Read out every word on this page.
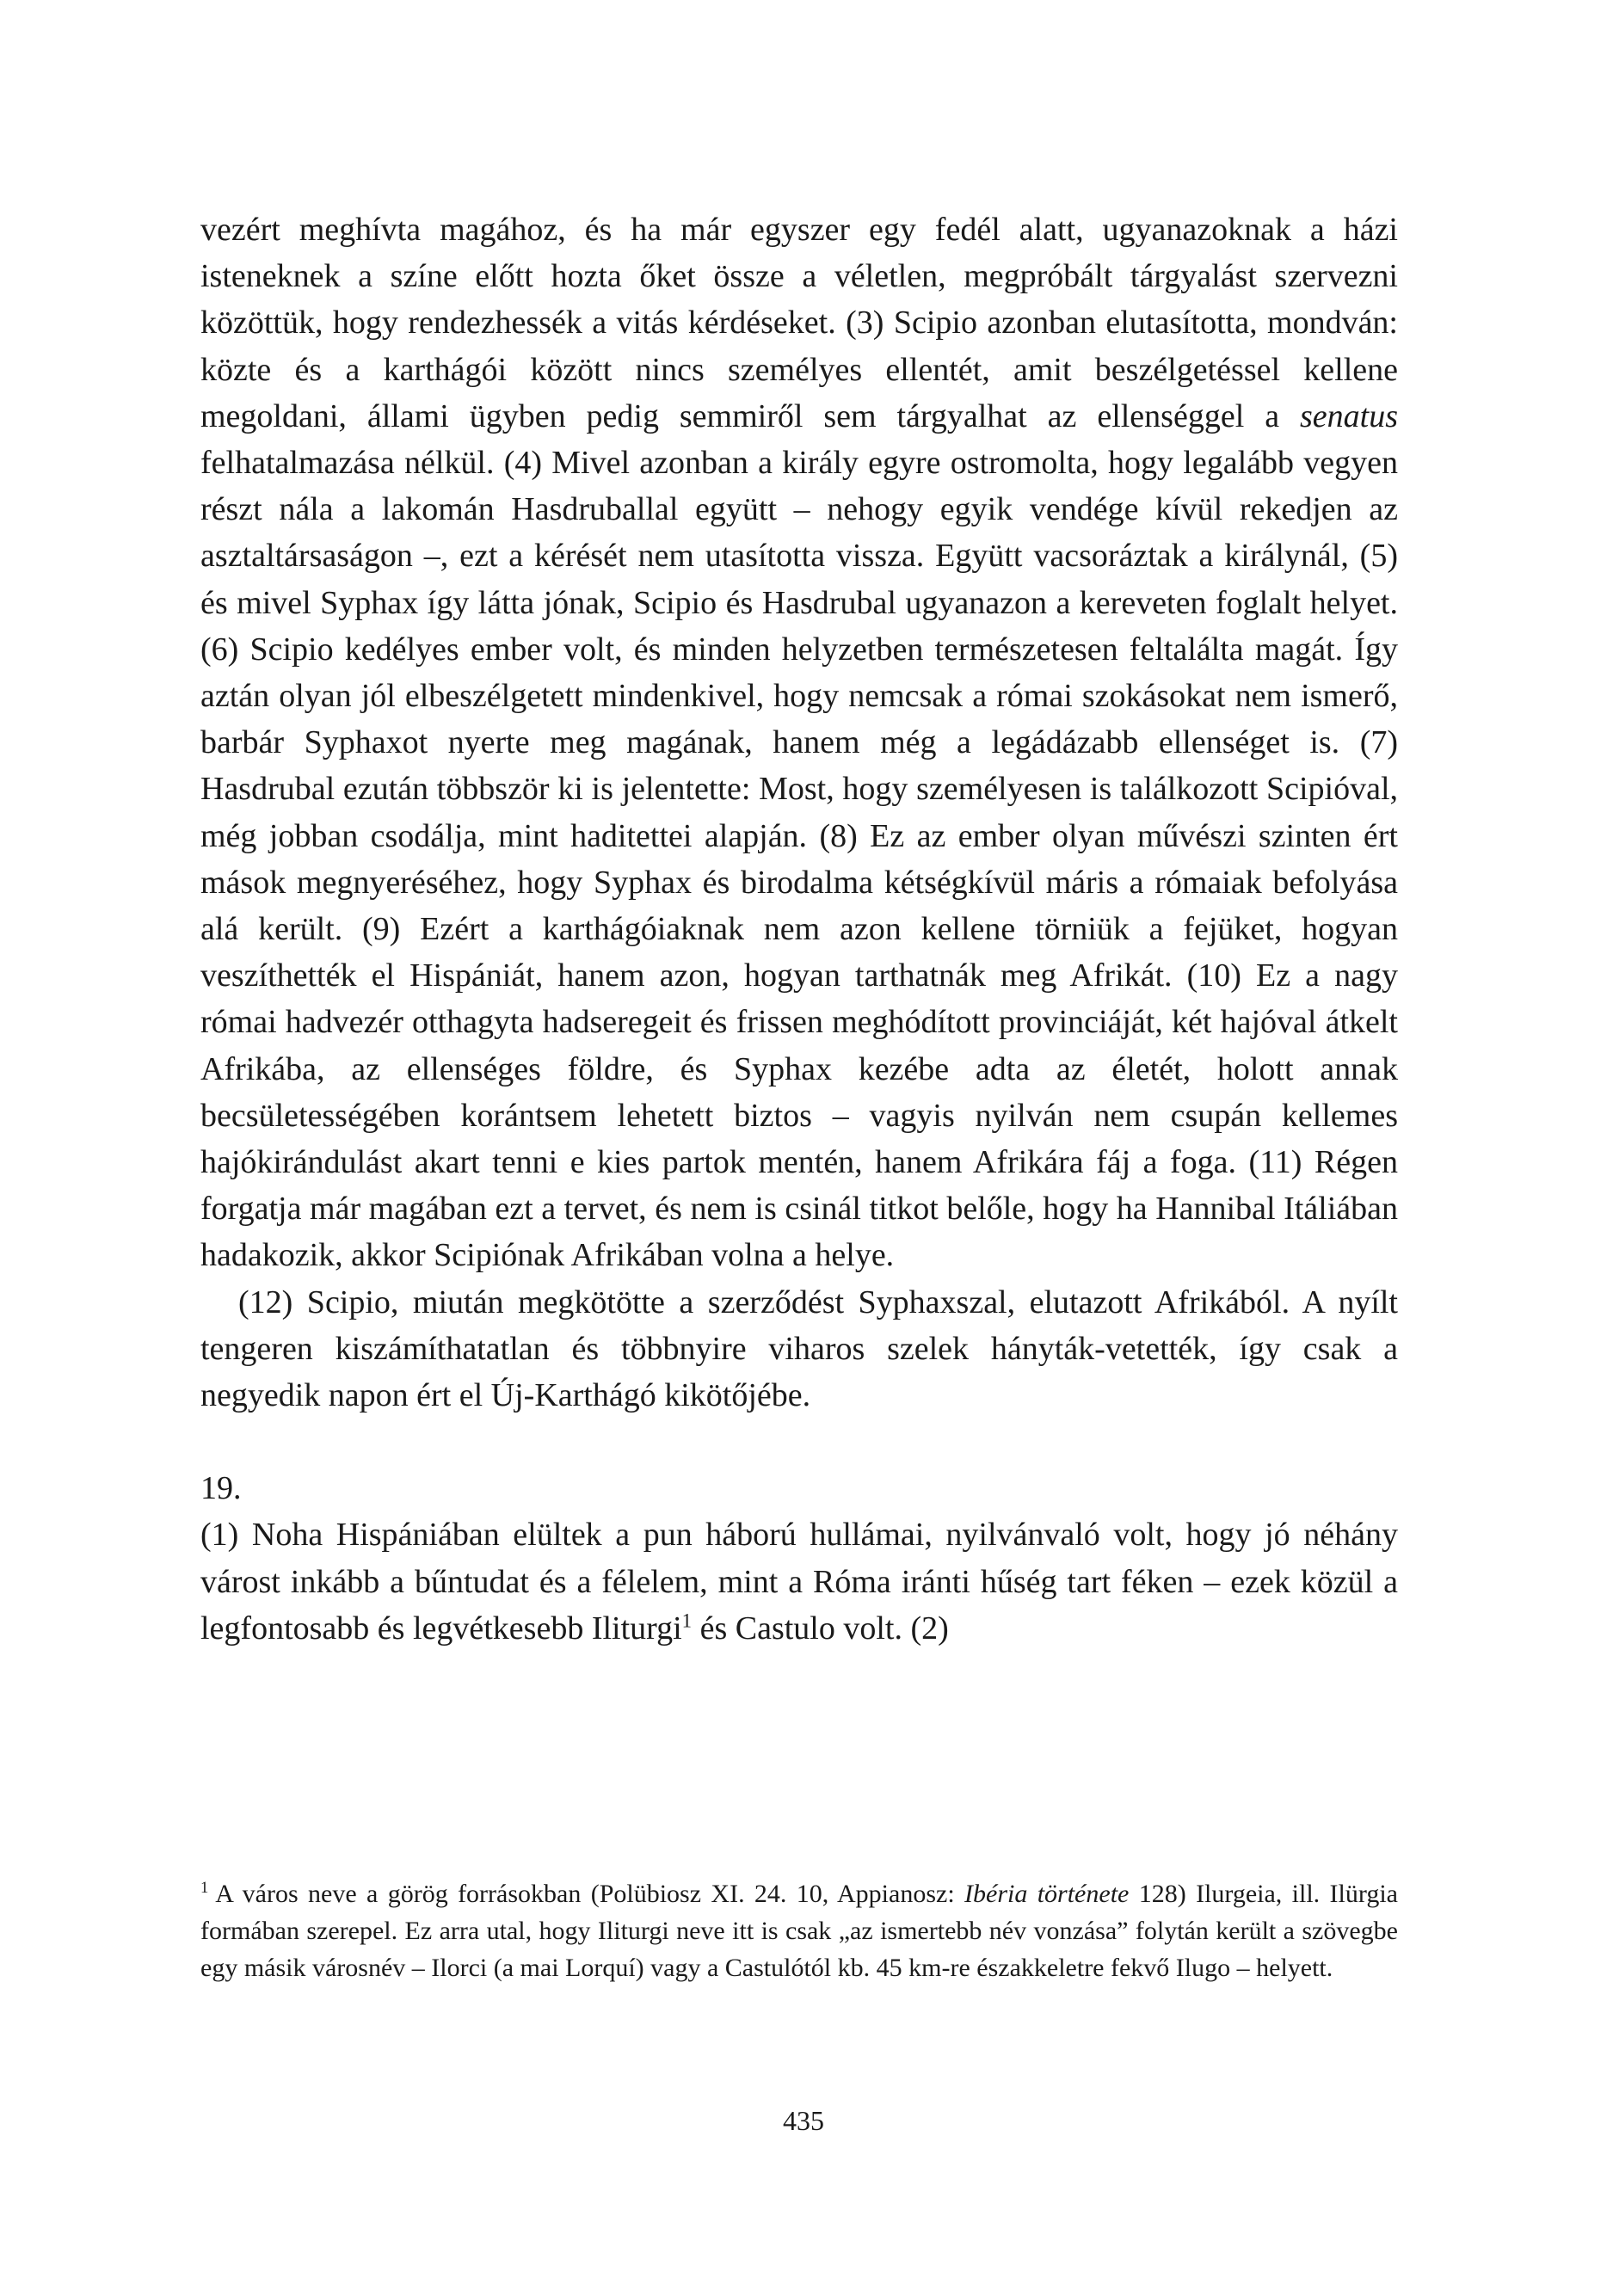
vezért meghívta magához, és ha már egyszer egy fedél alatt, ugyanazoknak a házi isteneknek a színe előtt hozta őket össze a véletlen, megpróbált tárgyalást szervezni közöttük, hogy rendezhessék a vitás kérdéseket. (3) Scipio azonban elutasította, mondván: közte és a karthágói között nincs személyes ellentét, amit beszélgetéssel kellene megoldani, állami ügyben pedig semmiről sem tárgyalhat az ellenséggel a senatus felhatalmazása nélkül. (4) Mivel azonban a király egyre ostromolta, hogy legalább vegyen részt nála a lakomán Hasdruballal együtt – nehogy egyik vendége kívül rekedjen az asztaltársaságon –, ezt a kérését nem utasította vissza. Együtt vacsoráztak a királynál, (5) és mivel Syphax így látta jónak, Scipio és Hasdrubal ugyanazon a kereveten foglalt helyet. (6) Scipio kedélyes ember volt, és minden helyzetben természetesen feltalálta magát. Így aztán olyan jól elbeszélgetett mindenkivel, hogy nemcsak a római szokásokat nem ismerő, barbár Syphaxot nyerte meg magának, hanem még a legádázabb ellenséget is. (7) Hasdrubal ezután többször ki is jelentette: Most, hogy személyesen is találkozott Scipióval, még jobban csodálja, mint haditettei alapján. (8) Ez az ember olyan művészi szinten ért mások megnyeréséhez, hogy Syphax és birodalma kétségkívül máris a rómaiak befolyása alá került. (9) Ezért a karthágóiaknak nem azon kellene törniük a fejüket, hogyan veszíthették el Hispániát, hanem azon, hogyan tarthatnák meg Afrikát. (10) Ez a nagy római hadvezér otthagyta hadseregeit és frissen meghódított provinciáját, két hajóval átkelt Afrikába, az ellenséges földre, és Syphax kezébe adta az életét, holott annak becsületességében korántsem lehetett biztos – vagyis nyilván nem csupán kellemes hajókirándulást akart tenni e kies partok mentén, hanem Afrikára fáj a foga. (11) Régen forgatja már magában ezt a tervet, és nem is csinál titkot belőle, hogy ha Hannibal Itáliában hadakozik, akkor Scipiónak Afrikában volna a helye.

(12) Scipio, miután megkötötte a szerződést Syphaxszal, elutazott Afrikából. A nyílt tengeren kiszámíthatatlan és többnyire viharos szelek hányták-vetették, így csak a negyedik napon ért el Új-Karthágó kikötőjébe.

19.

(1) Noha Hispániában elültek a pun háború hullámai, nyilvánvaló volt, hogy jó néhány várost inkább a bűntudat és a félelem, mint a Róma iránti hűség tart féken – ezek közül a legfontosabb és legvétkesebb Iliturgi$^1$ és Castulo volt. (2)

$^1$ A város neve a görög forrásokban (Polübiosz XI. 24. 10, Appianosz: Ibéria története 128) Ilurgeia, ill. Ilürgia formában szerepel. Ez arra utal, hogy Iliturgi neve itt is csak „az ismertebb név vonzása” folytán került a szövegbe egy másik városnév – Ilorci (a mai Lorquí) vagy a Castulótól kb. 45 km-re északkeletre fekvő Ilugo – helyett.

435
